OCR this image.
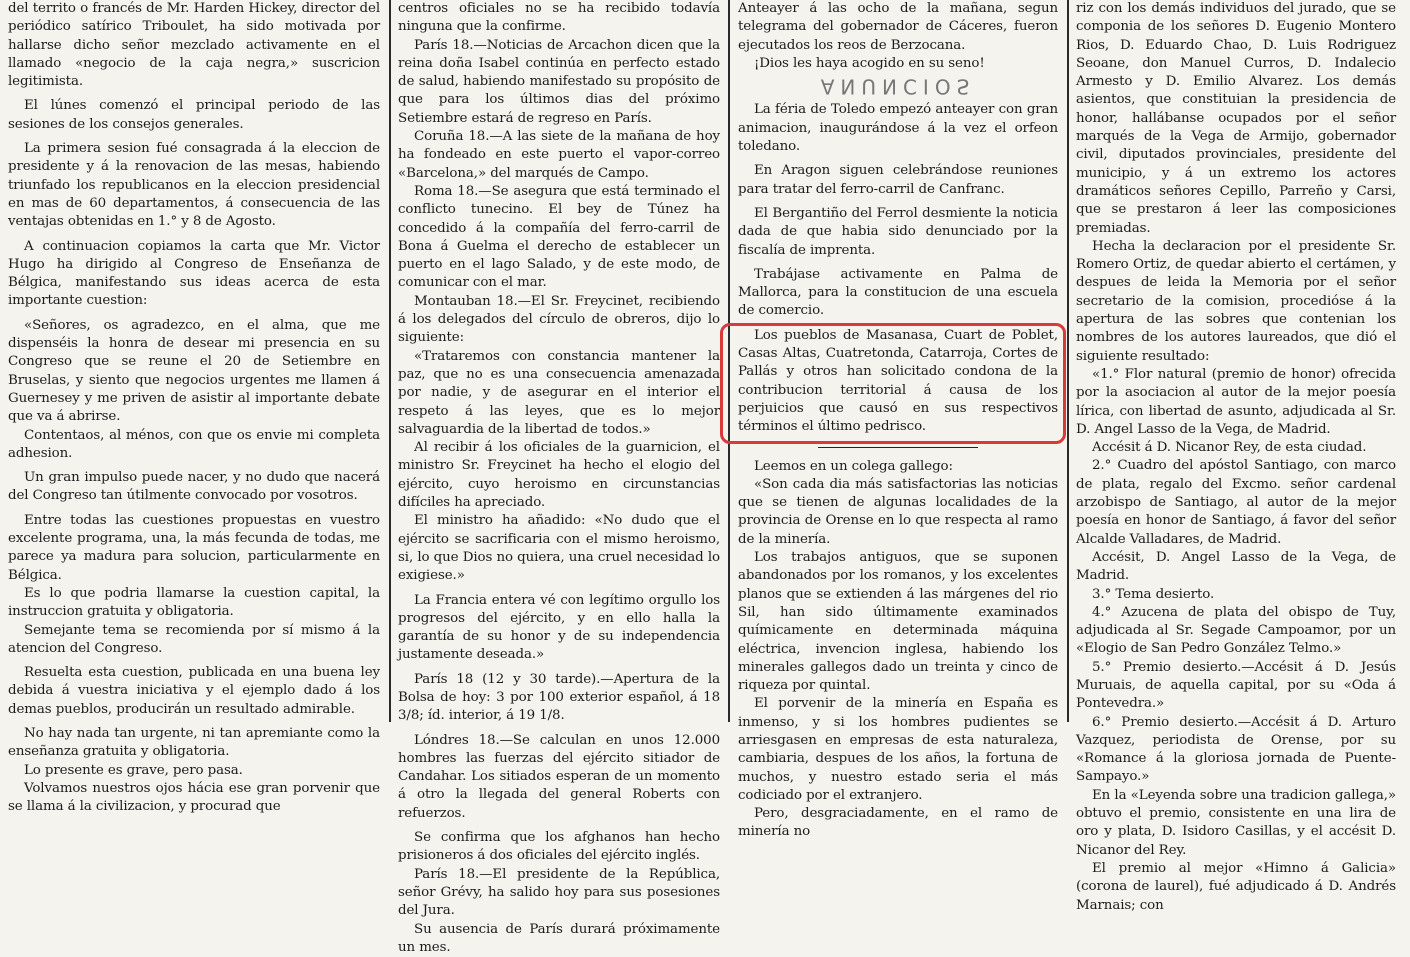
del territo o francés de Mr. Harden Hickey, director del periódico satírico Triboulet, ha sido motivada por hallarse dicho señor mezclado activamente en el llamado «negocio de la caja negra,» suscricion legitimista.

El lúnes comenzó el principal periodo de las sesiones de los consejos generales.

La primera sesion fué consagrada á la eleccion de presidente y á la renovacion de las mesas, habiendo triunfado los republicanos en la eleccion presidencial en mas de 60 departamentos, á consecuencia de las ventajas obtenidas en 1.° y 8 de Agosto.

A continuacion copiamos la carta que Mr. Victor Hugo ha dirigido al Congreso de Enseñanza de Bélgica, manifestando sus ideas acerca de esta importante cuestion:

«Señores, os agradezco, en el alma, que me dispenséis la honra de desear mi presencia en su Congreso que se reune el 20 de Setiembre en Bruselas, y siento que negocios urgentes me llamen á Guernesey y me priven de asistir al importante debate que va á abrirse.

Contentaos, al ménos, con que os envie mi completa adhesion.

Un gran impulso puede nacer, y no dudo que nacerá del Congreso tan útilmente convocado por vosotros.

Entre todas las cuestiones propuestas en vuestro excelente programa, una, la más fecunda de todas, me parece ya madura para solucion, particularmente en Bélgica.

Es lo que podria llamarse la cuestion capital, la instruccion gratuita y obligatoria.

Semejante tema se recomienda por sí mismo á la atencion del Congreso.

Resuelta esta cuestion, publicada en una buena ley debida á vuestra iniciativa y el ejemplo dado á los demas pueblos, producirán un resultado admirable.

No hay nada tan urgente, ni tan apremiante como la enseñanza gratuita y obligatoria.

Lo presente es grave, pero pasa.

Volvamos nuestros ojos hácia ese gran porvenir que se llama á la civilizacion, y procurad que

centros oficiales no se ha recibido todavía ninguna que la confirme.

París 18.—Noticias de Arcachon dicen que la reina doña Isabel continúa en perfecto estado de salud, habiendo manifestado su propósito de que para los últimos dias del próximo Setiembre estará de regreso en París.

Coruña 18.—A las siete de la mañana de hoy ha fondeado en este puerto el vapor-correo «Barcelona,» del marqués de Campo.

Roma 18.—Se asegura que está terminado el conflicto tunecino. El bey de Túnez ha concedido á la compañía del ferro-carril de Bona á Guelma el derecho de establecer un puerto en el lago Salado, y de este modo, de comunicar con el mar.

Montauban 18.—El Sr. Freycinet, recibiendo á los delegados del círculo de obreros, dijo lo siguiente:

«Trataremos con constancia mantener la paz, que no es una consecuencia amenazada por nadie, y de asegurar en el interior el respeto á las leyes, que es lo mejor salvaguardia de la libertad de todos.»

Al recibir á los oficiales de la guarnicion, el ministro Sr. Freycinet ha hecho el elogio del ejército, cuyo heroismo en circunstancias difíciles ha apreciado.

El ministro ha añadido: «No dudo que el ejército se sacrificaria con el mismo heroismo, si, lo que Dios no quiera, una cruel necesidad lo exigiese.»

La Francia entera vé con legítimo orgullo los progresos del ejército, y en ello halla la garantía de su honor y de su independencia justamente deseada.»

París 18 (12 y 30 tarde).—Apertura de la Bolsa de hoy: 3 por 100 exterior español, á 18 3/8; íd. interior, á 19 1/8.

Lóndres 18.—Se calculan en unos 12.000 hombres las fuerzas del ejército sitiador de Candahar. Los sitiados esperan de un momento á otro la llegada del general Roberts con refuerzos.

Se confirma que los afghanos han hecho prisioneros á dos oficiales del ejército inglés.

París 18.—El presidente de la República, señor Grévy, ha salido hoy para sus posesiones del Jura.

Su ausencia de París durará próximamente un mes.

Anteayer á las ocho de la mañana, segun telegrama del gobernador de Cáceres, fueron ejecutados los reos de Berzocana.

¡Dios les haya acogido en su seno!

ANUNCIOS

La féria de Toledo empezó anteayer con gran animacion, inaugurándose á la vez el orfeon toledano.

En Aragon siguen celebrándose reuniones para tratar del ferro-carril de Canfranc.

El Bergantiño del Ferrol desmiente la noticia dada de que habia sido denunciado por la fiscalía de imprenta.

Trabájase activamente en Palma de Mallorca, para la constitucion de una escuela de comercio.

Los pueblos de Masanasa, Cuart de Poblet, Casas Altas, Cuatretonda, Catarroja, Cortes de Pallás y otros han solicitado condona de la contribucion territorial á causa de los perjuicios que causó en sus respectivos términos el último pedrisco.

Leemos en un colega gallego:

«Son cada dia más satisfactorias las noticias que se tienen de algunas localidades de la provincia de Orense en lo que respecta al ramo de la minería.

Los trabajos antiguos, que se suponen abandonados por los romanos, y los excelentes planos que se extienden á las márgenes del rio Sil, han sido últimamente examinados químicamente en determinada máquina eléctrica, invencion inglesa, habiendo los minerales gallegos dado un treinta y cinco de riqueza por quintal.

El porvenir de la minería en España es inmenso, y si los hombres pudientes se arriesgasen en empresas de esta naturaleza, cambiaria, despues de los años, la fortuna de muchos, y nuestro estado seria el más codiciado por el extranjero.

Pero, desgraciadamente, en el ramo de minería no

riz con los demás individuos del jurado, que se componia de los señores D. Eugenio Montero Rios, D. Eduardo Chao, D. Luis Rodriguez Seoane, don Manuel Curros, D. Indalecio Armesto y D. Emilio Alvarez. Los demás asientos, que constituian la presidencia de honor, hallábanse ocupados por el señor marqués de la Vega de Armijo, gobernador civil, diputados provinciales, presidente del municipio, y á un extremo los actores dramáticos señores Cepillo, Parreño y Carsi, que se prestaron á leer las composiciones premiadas.

Hecha la declaracion por el presidente Sr. Romero Ortiz, de quedar abierto el certámen, y despues de leida la Memoria por el señor secretario de la comision, procedióse á la apertura de las sobres que contenian los nombres de los autores laureados, que dió el siguiente resultado:

«1.° Flor natural (premio de honor) ofrecida por la asociacion al autor de la mejor poesía lírica, con libertad de asunto, adjudicada al Sr. D. Angel Lasso de la Vega, de Madrid.

Accésit á D. Nicanor Rey, de esta ciudad.

2.° Cuadro del apóstol Santiago, con marco de plata, regalo del Excmo. señor cardenal arzobispo de Santiago, al autor de la mejor poesía en honor de Santiago, á favor del señor Alcalde Valladares, de Madrid.

Accésit, D. Angel Lasso de la Vega, de Madrid.

3.° Tema desierto.

4.° Azucena de plata del obispo de Tuy, adjudicada al Sr. Segade Campoamor, por un «Elogio de San Pedro González Telmo.»

5.° Premio desierto.—Accésit á D. Jesús Muruais, de aquella capital, por su «Oda á Pontevedra.»

6.° Premio desierto.—Accésit á D. Arturo Vazquez, periodista de Orense, por su «Romance á la gloriosa jornada de Puente-Sampayo.»

En la «Leyenda sobre una tradicion gallega,» obtuvo el premio, consistente en una lira de oro y plata, D. Isidoro Casillas, y el accésit D. Nicanor del Rey.

El premio al mejor «Himno á Galicia» (corona de laurel), fué adjudicado á D. Andrés Marnais; con
